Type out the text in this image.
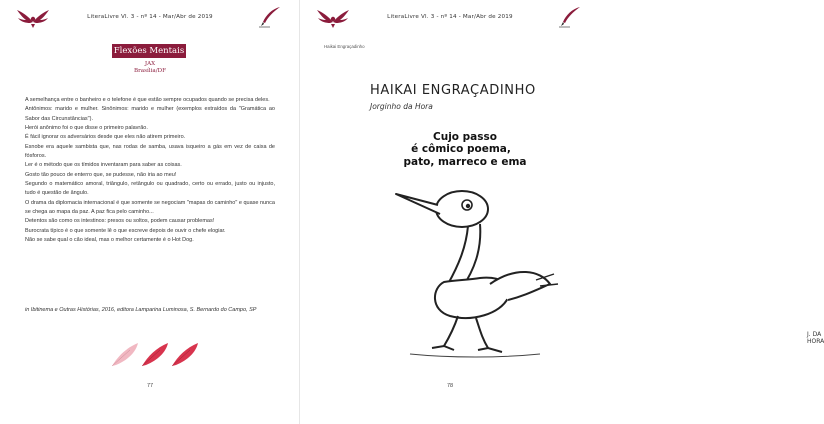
LiteraLivre Vl. 3 - nº 14 - Mar/Abr de 2019
Flexões Mentais
JAX
Brasília/DF

A semelhança entre o banheiro e o telefone é que estão sempre ocupados quando se precisa deles.

Antônimos: marido e mulher. Sinônimos: marido e mulher (exemplos extraídos da "Gramática ao Sabor das Circunstâncias").

Herói anônimo foi o que disse o primeiro palavrão.

É fácil ignorar os adversários desde que eles não atirem primeiro.

Esnobe era aquele sambista que, nas rodas de samba, usava isqueiro a gás em vez de caixa de fósforos.

Ler é o método que os tímidos inventaram para saber as coisas.

Gosto tão pouco de enterro que, se pudesse, não iria ao meu!

Segundo o matemático amoral, triângulo, retângulo ou quadrado, certo ou errado, justo ou injusto, tudo é questão de ângulo.

O drama da diplomacia internacional é que somente se negociam "mapas do caminho" e quase nunca se chega ao mapa da paz. A paz fica pelo caminho...

Detentos são como os intestinos: presos ou soltos, podem causar problemas!

Burocrata típico é o que somente lê o que escreve depois de ouvir o chefe elogiar.

Não se sabe qual o cão ideal, mas o melhor certamente é o Hot Dog.

in Ibitinema e Outras Histórias, 2016, editora Lamparina Luminosa, S. Bernardo do Campo, SP
77
LiteraLivre Vl. 3 - nº 14 - Mar/Abr de 2019
Haikai Engraçadinho
HAIKAI ENGRAÇADINHO
Jorginho da Hora
J. DA HORA
78
Cujo passo
é cômico poema,
pato, marreco e ema
